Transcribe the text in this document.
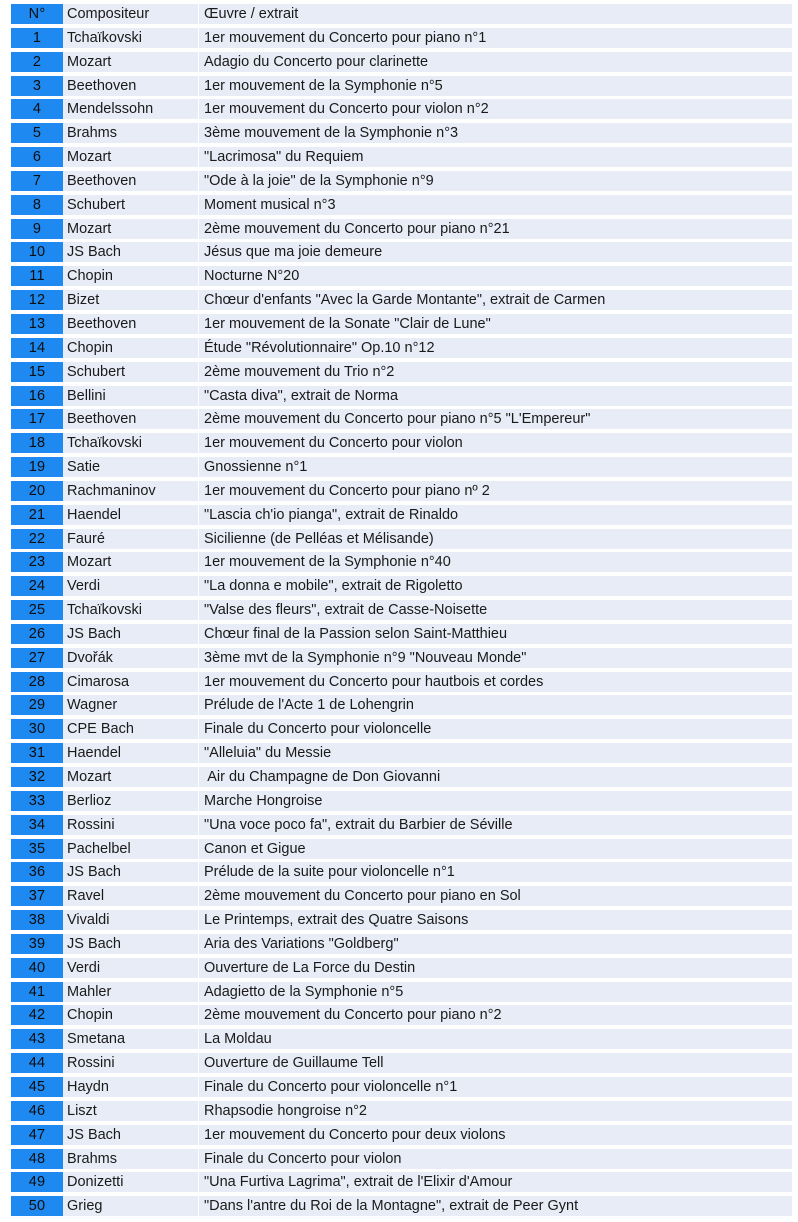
N°	Compositeur	Œuvre / extrait
1	Tchaïkovski	1er mouvement du Concerto pour piano n°1
2	Mozart	Adagio du Concerto pour clarinette
3	Beethoven	1er mouvement de la Symphonie n°5
4	Mendelssohn	1er mouvement du Concerto pour violon n°2
5	Brahms	3ème mouvement de la Symphonie n°3
6	Mozart	"Lacrimosa" du Requiem
7	Beethoven	"Ode à la joie" de la Symphonie n°9
8	Schubert	Moment musical n°3
9	Mozart	2ème mouvement du Concerto pour piano n°21
10	JS Bach	Jésus que ma joie demeure
11	Chopin	Nocturne N°20
12	Bizet	Chœur d'enfants "Avec la Garde Montante", extrait de Carmen
13	Beethoven	1er mouvement de la Sonate "Clair de Lune"
14	Chopin	Étude "Révolutionnaire" Op.10 n°12
15	Schubert	2ème mouvement du Trio n°2
16	Bellini	"Casta diva", extrait de Norma
17	Beethoven	2ème mouvement du Concerto pour piano n°5 "L'Empereur"
18	Tchaïkovski	1er mouvement du Concerto pour violon
19	Satie	Gnossienne n°1
20	Rachmaninov	1er mouvement du Concerto pour piano nº 2
21	Haendel	"Lascia ch'io pianga", extrait de Rinaldo
22	Fauré	Sicilienne (de Pelléas et Mélisande)
23	Mozart	1er mouvement de la Symphonie n°40
24	Verdi	"La donna e mobile", extrait de Rigoletto
25	Tchaïkovski	"Valse des fleurs", extrait de Casse-Noisette
26	JS Bach	Chœur final de la Passion selon Saint-Matthieu
27	Dvořák	3ème mvt de la Symphonie n°9 "Nouveau Monde"
28	Cimarosa	1er mouvement du Concerto pour hautbois et cordes
29	Wagner	Prélude de l'Acte 1 de Lohengrin
30	CPE Bach	Finale du Concerto pour violoncelle
31	Haendel	"Alleluia" du Messie
32	Mozart	Air du Champagne de Don Giovanni
33	Berlioz	Marche Hongroise
34	Rossini	"Una voce poco fa", extrait du Barbier de Séville
35	Pachelbel	Canon et Gigue
36	JS Bach	Prélude de la suite pour violoncelle n°1
37	Ravel	2ème mouvement du Concerto pour piano en Sol
38	Vivaldi	Le Printemps, extrait des Quatre Saisons
39	JS Bach	Aria des Variations "Goldberg"
40	Verdi	Ouverture de La Force du Destin
41	Mahler	Adagietto de la Symphonie n°5
42	Chopin	2ème mouvement du Concerto pour piano n°2
43	Smetana	La Moldau
44	Rossini	Ouverture de Guillaume Tell
45	Haydn	Finale du Concerto pour violoncelle n°1
46	Liszt	Rhapsodie hongroise n°2
47	JS Bach	1er mouvement du Concerto pour deux violons
48	Brahms	Finale du Concerto pour violon
49	Donizetti	"Una Furtiva Lagrima", extrait de l'Elixir d'Amour
50	Grieg	"Dans l'antre du Roi de la Montagne", extrait de Peer Gynt
